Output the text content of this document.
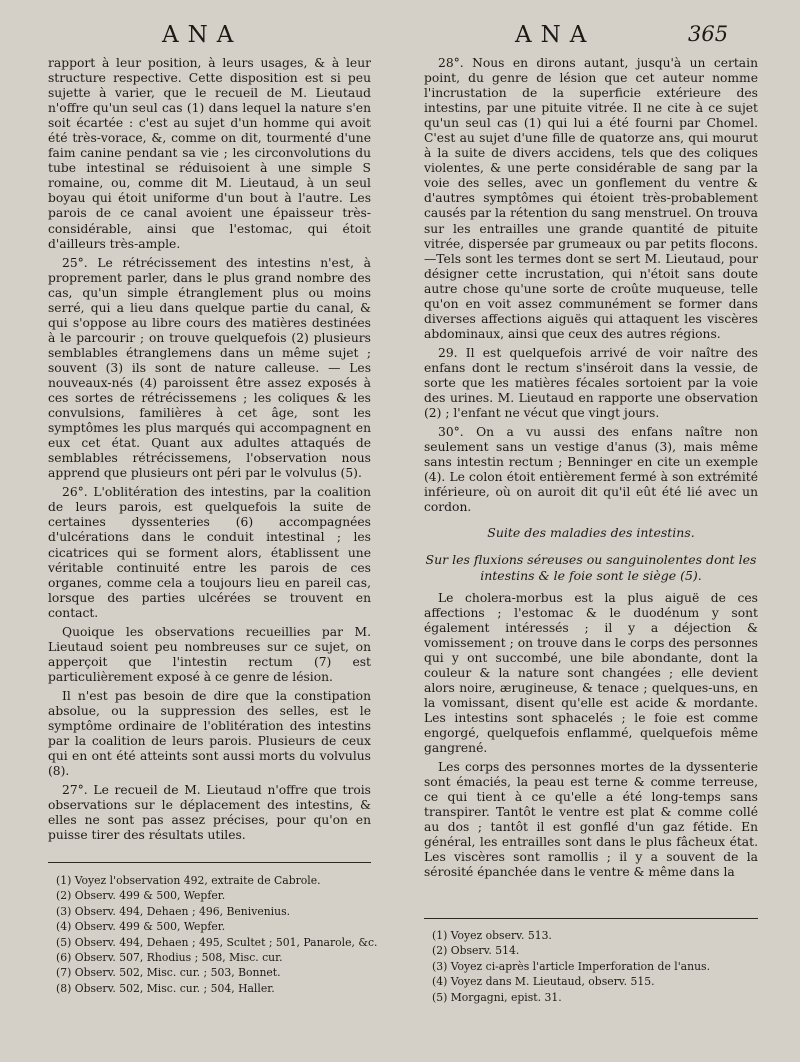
ANA	ANA	365

rapport à leur position, à leurs usages, & à leur structure respective. Cette disposition est si peu sujette à varier, que le recueil de M. Lieutaud n'offre qu'un seul cas (1) dans lequel la nature s'en soit écartée : c'est au sujet d'un homme qui avoit été très-vorace, &, comme on dit, tourmenté d'une faim canine pendant sa vie ; les circonvolutions du tube intestinal se réduisoient à une simple S romaine, ou, comme dit M. Lieutaud, à un seul boyau qui étoit uniforme d'un bout à l'autre. Les parois de ce canal avoient une épaisseur très-considérable, ainsi que l'estomac, qui étoit d'ailleurs très-ample.

25°. Le rétrécissement des intestins n'est, à proprement parler, dans le plus grand nombre des cas, qu'un simple étranglement plus ou moins serré, qui a lieu dans quelque partie du canal, & qui s'oppose au libre cours des matières destinées à le parcourir ; on trouve quelquefois (2) plusieurs semblables étranglemens dans un même sujet ; souvent (3) ils sont de nature calleuse. — Les nouveaux-nés (4) paroissent être assez exposés à ces sortes de rétrécissemens ; les coliques & les convulsions, familières à cet âge, sont les symptômes les plus marqués qui accompagnent en eux cet état. Quant aux adultes attaqués de semblables rétrécissemens, l'observation nous apprend que plusieurs ont péri par le volvulus (5).

26°. L'oblitération des intestins, par la coalition de leurs parois, est quelquefois la suite de certaines dyssenteries (6) accompagnées d'ulcérations dans le conduit intestinal ; les cicatrices qui se forment alors, établissent une véritable continuité entre les parois de ces organes, comme cela a toujours lieu en pareil cas, lorsque des parties ulcérées se trouvent en contact.

Quoique les observations recueillies par M. Lieutaud soient peu nombreuses sur ce sujet, on apperçoit que l'intestin rectum (7) est particulièrement exposé à ce genre de lésion.

Il n'est pas besoin de dire que la constipation absolue, ou la suppression des selles, est le symptôme ordinaire de l'oblitération des intestins par la coalition de leurs parois. Plusieurs de ceux qui en ont été atteints sont aussi morts du volvulus (8).

27°. Le recueil de M. Lieutaud n'offre que trois observations sur le déplacement des intestins, & elles ne sont pas assez précises, pour qu'on en puisse tirer des résultats utiles.

(1) Voyez l'observation 492, extraite de Cabrole.
(2) Observ. 499 & 500, Wepfer.
(3) Observ. 494, Dehaen ; 496, Benivenius.
(4) Observ. 499 & 500, Wepfer.
(5) Observ. 494, Dehaen ; 495, Scultet ; 501, Panarole, &c.
(6) Observ. 507, Rhodius ; 508, Misc. cur.
(7) Observ. 502, Misc. cur. ; 503, Bonnet.
(8) Observ. 502, Misc. cur. ; 504, Haller.

28°. Nous en dirons autant, jusqu'à un certain point, du genre de lésion que cet auteur nomme l'incrustation de la superficie extérieure des intestins, par une pituite vitrée. Il ne cite à ce sujet qu'un seul cas (1) qui lui a été fourni par Chomel. C'est au sujet d'une fille de quatorze ans, qui mourut à la suite de divers accidens, tels que des coliques violentes, & une perte considérable de sang par la voie des selles, avec un gonflement du ventre & d'autres symptômes qui étoient très-probablement causés par la rétention du sang menstruel. On trouva sur les entrailles une grande quantité de pituite vitrée, dispersée par grumeaux ou par petits flocons. —Tels sont les termes dont se sert M. Lieutaud, pour désigner cette incrustation, qui n'étoit sans doute autre chose qu'une sorte de croûte muqueuse, telle qu'on en voit assez communément se former dans diverses affections aiguës qui attaquent les viscères abdominaux, ainsi que ceux des autres régions.

29. Il est quelquefois arrivé de voir naître des enfans dont le rectum s'inséroit dans la vessie, de sorte que les matières fécales sortoient par la voie des urines. M. Lieutaud en rapporte une observation (2) ; l'enfant ne vécut que vingt jours.

30°. On a vu aussi des enfans naître non seulement sans un vestige d'anus (3), mais même sans intestin rectum ; Benninger en cite un exemple (4). Le colon étoit entièrement fermé à son extrémité inférieure, où on auroit dit qu'il eût été lié avec un cordon.

Suite des maladies des intestins.
Sur les fluxions séreuses ou sanguinolentes dont les intestins & le foie sont le siège (5).

Le cholera-morbus est la plus aiguë de ces affections ; l'estomac & le duodénum y sont également intéressés ; il y a déjection & vomissement ; on trouve dans le corps des personnes qui y ont succombé, une bile abondante, dont la couleur & la nature sont changées ; elle devient alors noire, ærugineuse, & tenace ; quelques-uns, en la vomissant, disent qu'elle est acide & mordante. Les intestins sont sphacelés ; le foie est comme engorgé, quelquefois enflammé, quelquefois même gangrené.

Les corps des personnes mortes de la dyssenterie sont émaciés, la peau est terne & comme terreuse, ce qui tient à ce qu'elle a été long-temps sans transpirer. Tantôt le ventre est plat & comme collé au dos ; tantôt il est gonflé d'un gaz fétide. En général, les entrailles sont dans le plus fâcheux état. Les viscères sont ramollis ; il y a souvent de la sérosité épanchée dans le ventre & même dans la

(1) Voyez observ. 513.
(2) Observ. 514.
(3) Voyez ci-après l'article Imperforation de l'anus.
(4) Voyez dans M. Lieutaud, observ. 515.
(5) Morgagni, epist. 31.
